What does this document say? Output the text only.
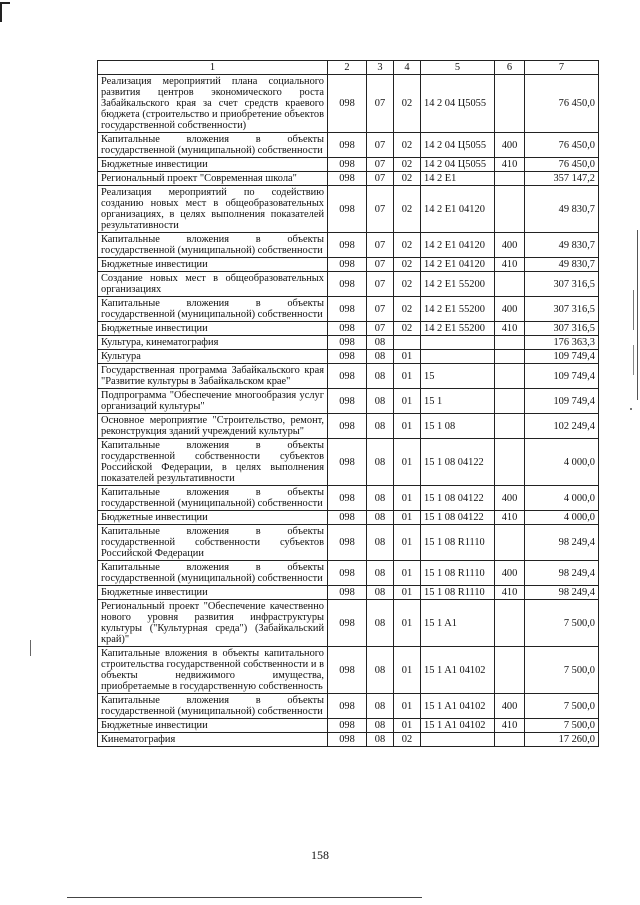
1	2	3	4	5	6	7
Реализация мероприятий плана социального развития центров экономического роста Забайкальского края за счет средств краевого бюджета (строительство и приобретение объектов государственной собственности)	098	07	02	14 2 04 Ц5055		76 450,0
Капитальные вложения в объекты государственной (муниципальной) собственности	098	07	02	14 2 04 Ц5055	400	76 450,0
Бюджетные инвестиции	098	07	02	14 2 04 Ц5055	410	76 450,0
Региональный проект "Современная школа"	098	07	02	14 2 E1		357 147,2
Реализация мероприятий по содействию созданию новых мест в общеобразовательных организациях, в целях выполнения показателей результативности	098	07	02	14 2 E1 04120		49 830,7
Капитальные вложения в объекты государственной (муниципальной) собственности	098	07	02	14 2 E1 04120	400	49 830,7
Бюджетные инвестиции	098	07	02	14 2 E1 04120	410	49 830,7
Создание новых мест в общеобразовательных организациях	098	07	02	14 2 E1 55200		307 316,5
Капитальные вложения в объекты государственной (муниципальной) собственности	098	07	02	14 2 E1 55200	400	307 316,5
Бюджетные инвестиции	098	07	02	14 2 E1 55200	410	307 316,5
Культура, кинематография	098	08				176 363,3
Культура	098	08	01			109 749,4
Государственная программа Забайкальского края "Развитие культуры в Забайкальском крае"	098	08	01	15		109 749,4
Подпрограмма "Обеспечение многообразия услуг организаций культуры"	098	08	01	15 1		109 749,4
Основное мероприятие "Строительство, ремонт, реконструкция зданий учреждений культуры"	098	08	01	15 1 08		102 249,4
Капитальные вложения в объекты государственной собственности субъектов Российской Федерации, в целях выполнения показателей результативности	098	08	01	15 1 08 04122		4 000,0
Капитальные вложения в объекты государственной (муниципальной) собственности	098	08	01	15 1 08 04122	400	4 000,0
Бюджетные инвестиции	098	08	01	15 1 08 04122	410	4 000,0
Капитальные вложения в объекты государственной собственности субъектов Российской Федерации	098	08	01	15 1 08 R1110		98 249,4
Капитальные вложения в объекты государственной (муниципальной) собственности	098	08	01	15 1 08 R1110	400	98 249,4
Бюджетные инвестиции	098	08	01	15 1 08 R1110	410	98 249,4
Региональный проект "Обеспечение качественно нового уровня развития инфраструктуры культуры ("Культурная среда") (Забайкальский край)"	098	08	01	15 1 A1		7 500,0
Капитальные вложения в объекты капитального строительства государственной собственности и в объекты недвижимого имущества, приобретаемые в государственную собственность	098	08	01	15 1 A1 04102		7 500,0
Капитальные вложения в объекты государственной (муниципальной) собственности	098	08	01	15 1 A1 04102	400	7 500,0
Бюджетные инвестиции	098	08	01	15 1 A1 04102	410	7 500,0
Кинематография	098	08	02			17 260,0
158
